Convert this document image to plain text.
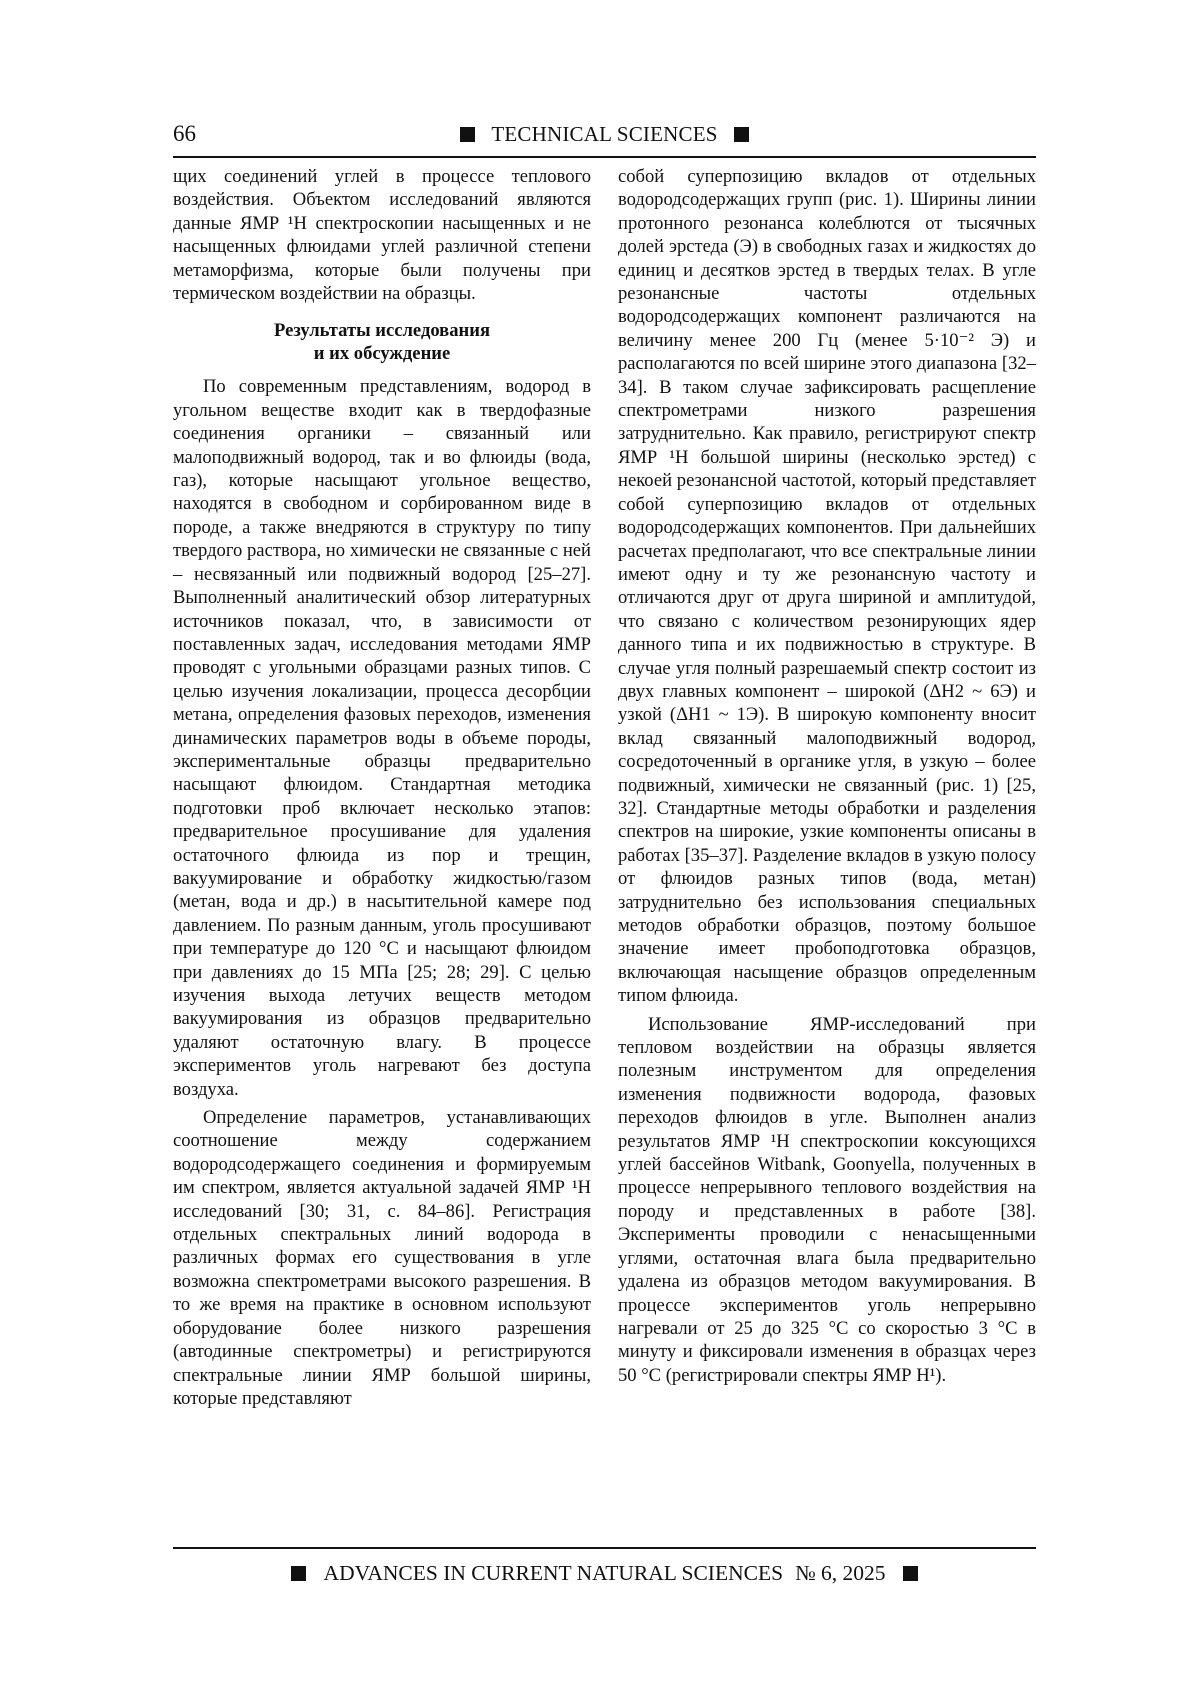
66	TECHNICAL SCIENCES

щих соединений углей в процессе теплового воздействия. Объектом исследований являются данные ЯМР ¹Н спектроскопии насыщенных и не насыщенных флюидами углей различной степени метаморфизма, которые были получены при термическом воздействии на образцы.

Результаты исследования
и их обсуждение

По современным представлениям, водород в угольном веществе входит как в твердофазные соединения органики – связанный или малоподвижный водород, так и во флюиды (вода, газ), которые насыщают угольное вещество, находятся в свободном и сорбированном виде в породе, а также внедряются в структуру по типу твердого раствора, но химически не связанные с ней – несвязанный или подвижный водород [25–27]. Выполненный аналитический обзор литературных источников показал, что, в зависимости от поставленных задач, исследования методами ЯМР проводят с угольными образцами разных типов. С целью изучения локализации, процесса десорбции метана, определения фазовых переходов, изменения динамических параметров воды в объеме породы, экспериментальные образцы предварительно насыщают флюидом. Стандартная методика подготовки проб включает несколько этапов: предварительное просушивание для удаления остаточного флюида из пор и трещин, вакуумирование и обработку жидкостью/газом (метан, вода и др.) в насытительной камере под давлением. По разным данным, уголь просушивают при температуре до 120 °С и насыщают флюидом при давлениях до 15 МПа [25; 28; 29]. С целью изучения выхода летучих веществ методом вакуумирования из образцов предварительно удаляют остаточную влагу. В процессе экспериментов уголь нагревают без доступа воздуха.

Определение параметров, устанавливающих соотношение между содержанием водородсодержащего соединения и формируемым им спектром, является актуальной задачей ЯМР ¹Н исследований [30; 31, с. 84–86]. Регистрация отдельных спектральных линий водорода в различных формах его существования в угле возможна спектрометрами высокого разрешения. В то же время на практике в основном используют оборудование более низкого разрешения (автодинные спектрометры) и регистрируются спектральные линии ЯМР большой ширины, которые представляют

собой суперпозицию вкладов от отдельных водородсодержащих групп (рис. 1). Ширины линии протонного резонанса колеблются от тысячных долей эрстеда (Э) в свободных газах и жидкостях до единиц и десятков эрстед в твердых телах. В угле резонансные частоты отдельных водородсодержащих компонент различаются на величину менее 200 Гц (менее 5·10⁻² Э) и располагаются по всей ширине этого диапазона [32–34]. В таком случае зафиксировать расщепление спектрометрами низкого разрешения затруднительно. Как правило, регистрируют спектр ЯМР ¹Н большой ширины (несколько эрстед) с некоей резонансной частотой, который представляет собой суперпозицию вкладов от отдельных водородсодержащих компонентов. При дальнейших расчетах предполагают, что все спектральные линии имеют одну и ту же резонансную частоту и отличаются друг от друга шириной и амплитудой, что связано с количеством резонирующих ядер данного типа и их подвижностью в структуре. В случае угля полный разрешаемый спектр состоит из двух главных компонент – широкой (ΔH2 ~ 6Э) и узкой (ΔH1 ~ 1Э). В широкую компоненту вносит вклад связанный малоподвижный водород, сосредоточенный в органике угля, в узкую – более подвижный, химически не связанный (рис. 1) [25, 32]. Стандартные методы обработки и разделения спектров на широкие, узкие компоненты описаны в работах [35–37]. Разделение вкладов в узкую полосу от флюидов разных типов (вода, метан) затруднительно без использования специальных методов обработки образцов, поэтому большое значение имеет пробоподготовка образцов, включающая насыщение образцов определенным типом флюида.

Использование ЯМР-исследований при тепловом воздействии на образцы является полезным инструментом для определения изменения подвижности водорода, фазовых переходов флюидов в угле. Выполнен анализ результатов ЯМР ¹Н спектроскопии коксующихся углей бассейнов Witbank, Goonyella, полученных в процессе непрерывного теплового воздействия на породу и представленных в работе [38]. Эксперименты проводили с ненасыщенными углями, остаточная влага была предварительно удалена из образцов методом вакуумирования. В процессе экспериментов уголь непрерывно нагревали от 25 до 325 °С со скоростью 3 °С в минуту и фиксировали изменения в образцах через 50 °С (регистрировали спектры ЯМР Н¹).

ADVANCES IN CURRENT NATURAL SCIENCES № 6, 2025
